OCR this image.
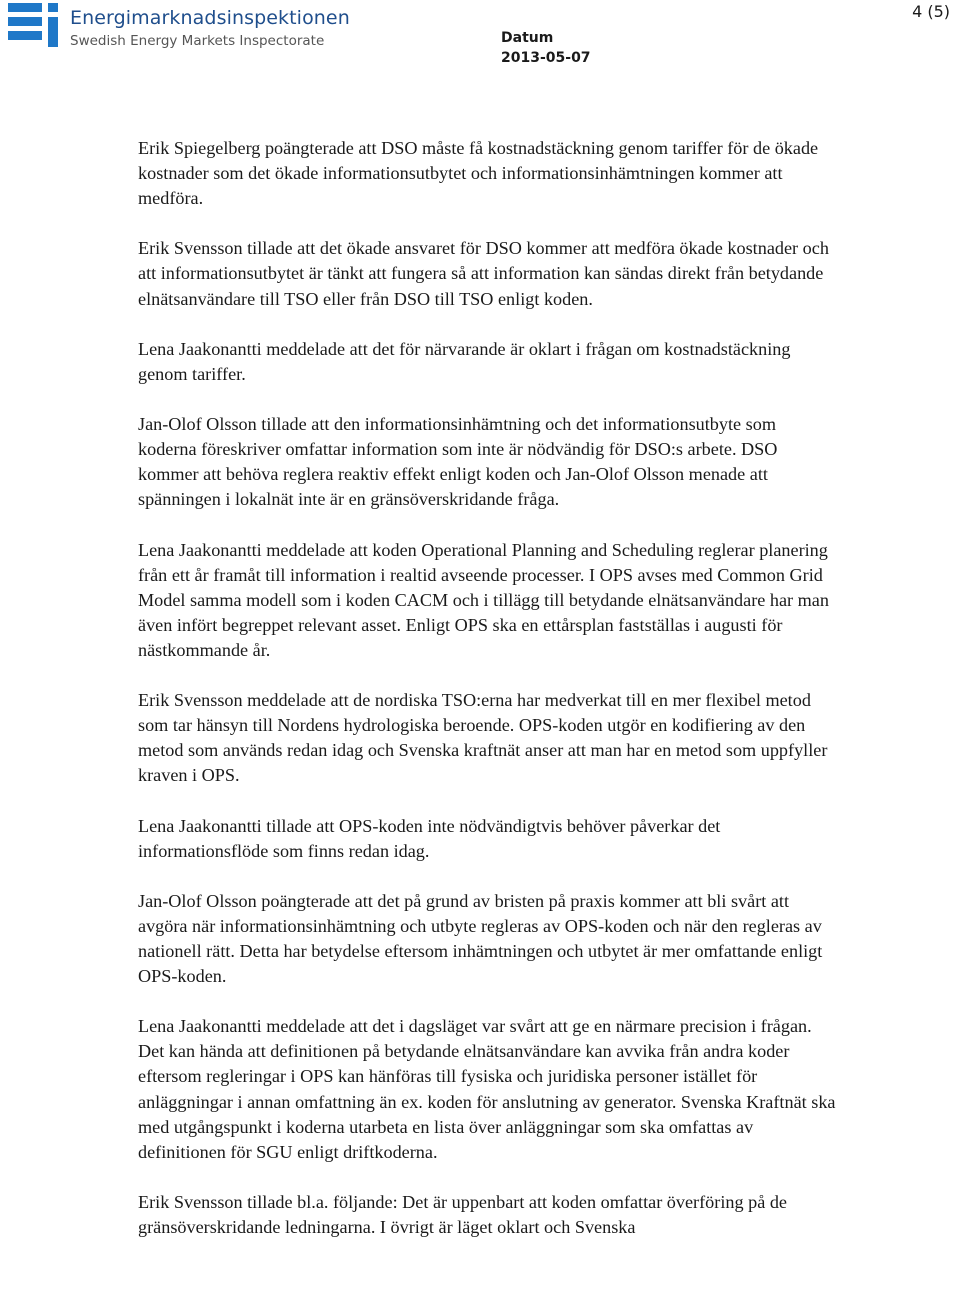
Energimarknadsinspektionen
Swedish Energy Markets Inspectorate	Datum
2013-05-07
4 (5)

Erik Spiegelberg poängterade att DSO måste få kostnadstäckning genom tariffer för de ökade kostnader som det ökade informationsutbytet och informationsinhämtningen kommer att medföra.

Erik Svensson tillade att det ökade ansvaret för DSO kommer att medföra ökade kostnader och att informationsutbytet är tänkt att fungera så att information kan sändas direkt från betydande elnätsanvändare till TSO eller från DSO till TSO enligt koden.

Lena Jaakonantti meddelade att det för närvarande är oklart i frågan om kostnadstäckning genom tariffer.

Jan-Olof Olsson tillade att den informationsinhämtning och det informationsutbyte som koderna föreskriver omfattar information som inte är nödvändig för DSO:s arbete. DSO kommer att behöva reglera reaktiv effekt enligt koden och Jan-Olof Olsson menade att spänningen i lokalnät inte är en gränsöverskridande fråga.

Lena Jaakonantti meddelade att koden Operational Planning and Scheduling reglerar planering från ett år framåt till information i realtid avseende processer. I OPS avses med Common Grid Model samma modell som i koden CACM och i tillägg till betydande elnätsanvändare har man även infört begreppet relevant asset. Enligt OPS ska en ettårsplan fastställas i augusti för nästkommande år.

Erik Svensson meddelade att de nordiska TSO:erna har medverkat till en mer flexibel metod som tar hänsyn till Nordens hydrologiska beroende. OPS-koden utgör en kodifiering av den metod som används redan idag och Svenska kraftnät anser att man har en metod som uppfyller kraven i OPS.

Lena Jaakonantti tillade att OPS-koden inte nödvändigtvis behöver påverkar det informationsflöde som finns redan idag.

Jan-Olof Olsson poängterade att det på grund av bristen på praxis kommer att bli svårt att avgöra när informationsinhämtning och utbyte regleras av OPS-koden och när den regleras av nationell rätt. Detta har betydelse eftersom inhämtningen och utbytet är mer omfattande enligt OPS-koden.

Lena Jaakonantti meddelade att det i dagsläget var svårt att ge en närmare precision i frågan. Det kan hända att definitionen på betydande elnätsanvändare kan avvika från andra koder eftersom regleringar i OPS kan hänföras till fysiska och juridiska personer istället för anläggningar i annan omfattning än ex. koden för anslutning av generator. Svenska Kraftnät ska med utgångspunkt i koderna utarbeta en lista över anläggningar som ska omfattas av definitionen för SGU enligt driftkoderna.

Erik Svensson tillade bl.a. följande: Det är uppenbart att koden omfattar överföring på de gränsöverskridande ledningarna. I övrigt är läget oklart och Svenska
